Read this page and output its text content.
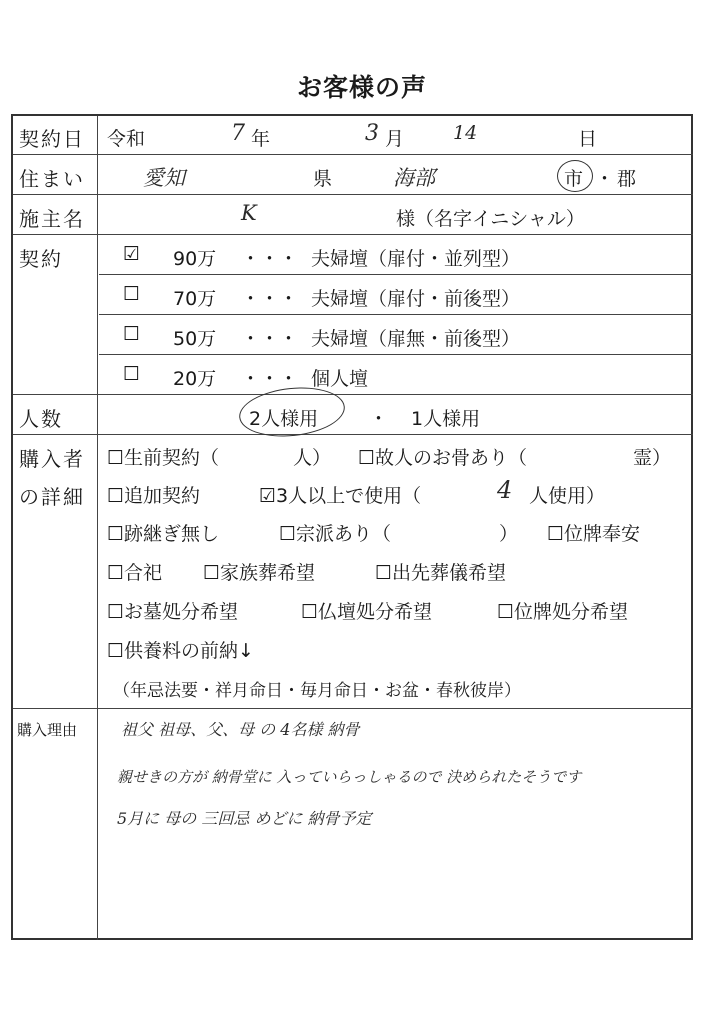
お客様の声
契約日 令和	7 年	3 月	14	日
住まい	愛知	県	海部	市 ・ 郡
施主名	K	様（名字イニシャル）
契約	☑ 90万 ・・・ 夫婦壇（扉付・並列型）
☐ 70万 ・・・ 夫婦壇（扉付・前後型）
☐ 50万 ・・・ 夫婦壇（扉無・前後型）
☐ 20万 ・・・ 個人壇
人数	2人様用	・ 1人様用
購入者
の詳細
☐生前契約（	人） ☐故人のお骨あり（	霊）
☐追加契約	☑3人以上で使用（	4 人使用）
☐跡継ぎ無し	☐宗派あり（	） ☐位牌奉安
☐合祀 ☐家族葬希望	☐出先葬儀希望
☐お墓処分希望	☐仏壇処分希望	☐位牌処分希望
☐供養料の前納↓
（年忌法要・祥月命日・毎月命日・お盆・春秋彼岸）
購入理由	祖父 祖母、父、母 の 4名様 納骨
親せきの方が 納骨堂に 入っていらっしゃるので 決められたそうです
5月に 母の 三回忌 めどに 納骨予定
